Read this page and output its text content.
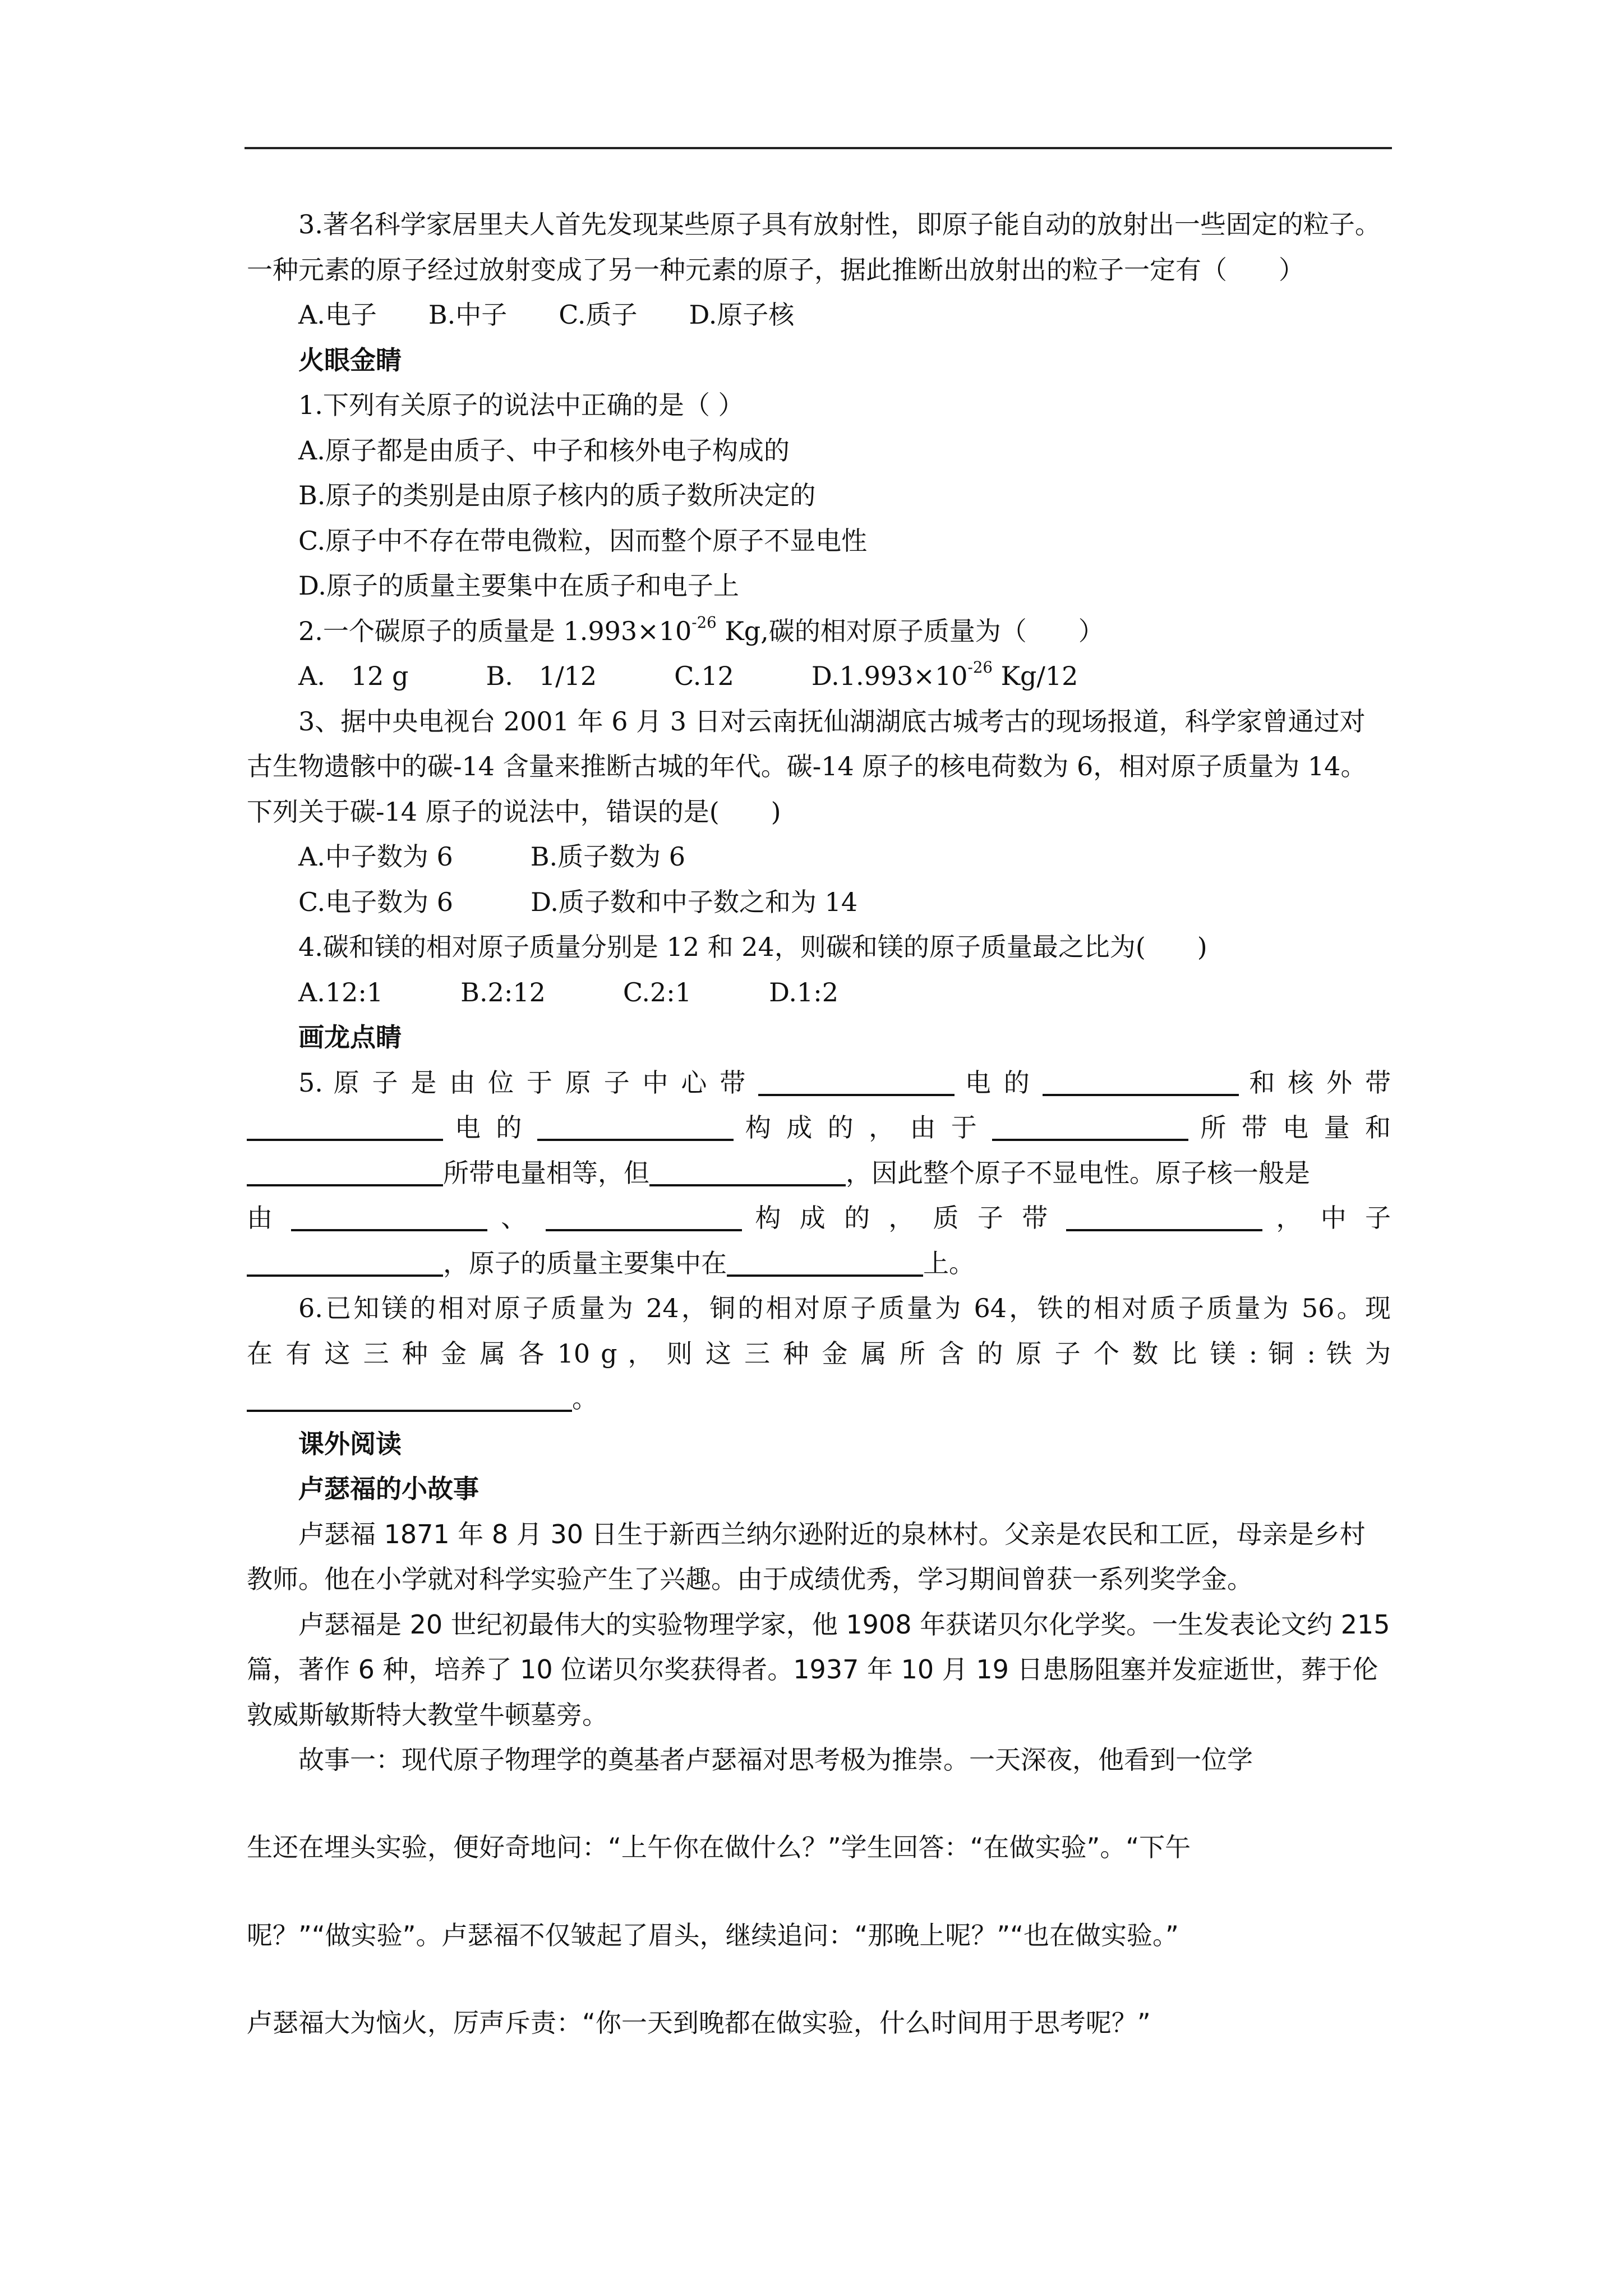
3.著名科学家居里夫人首先发现某些原子具有放射性，即原子能自动的放射出一些固定的粒子。一种元素的原子经过放射变成了另一种元素的原子，据此推断出放射出的粒子一定有（　　）

A.电子　　B.中子　　C.质子　　D.原子核

火眼金睛

1.下列有关原子的说法中正确的是（ ）

A.原子都是由质子、中子和核外电子构成的

B.原子的类别是由原子核内的质子数所决定的

C.原子中不存在带电微粒，因而整个原子不显电性

D.原子的质量主要集中在质子和电子上

2.一个碳原子的质量是 $1.993\times 10^{-26}$ Kg,碳的相对原子质量为（　　）

A.　12 g　　　B.　1/12　　　C.12　　　$D.1.993\times 10^{-26}$ Kg/12

3、据中央电视台 2001 年 6 月 3 日对云南抚仙湖湖底古城考古的现场报道，科学家曾通过对古生物遗骸中的碳-14 含量来推断古城的年代。碳-14 原子的核电荷数为 6，相对原子质量为 14。下列关于碳-14 原子的说法中，错误的是(　　)

A.中子数为 6　　　B.质子数为 6

C.电子数为 6　　　D.质子数和中子数之和为 14

4.碳和镁的相对原子质量分别是 12 和 24，则碳和镁的原子质量最之比为(　　)

A.12:1　　　B.2:12　　　C.2:1　　　D.1:2

画龙点睛

5. 原 子 是 由 位 于 原 子 中 心 带	电 的	和 核 外 带

电 的	构 成 的 ， 由 于	所 带 电 量 和

所带电量相等，但	，因此整个原子不显电性。原子核一般是

由	、	构 成 的 ， 质 子 带	， 中 子

，原子的质量主要集中在	上。

6.已知镁的相对原子质量为 24，铜的相对原子质量为 64，铁的相对质子质量为 56。现

在 有 这 三 种 金 属 各 10 g ， 则 这 三 种 金 属 所 含 的 原 子 个 数 比 镁 : 铜 : 铁 为

。

课外阅读

卢瑟福的小故事

卢瑟福 1871 年 8 月 30 日生于新西兰纳尔逊附近的泉林村。父亲是农民和工匠，母亲是乡村教师。他在小学就对科学实验产生了兴趣。由于成绩优秀，学习期间曾获一系列奖学金。

卢瑟福是 20 世纪初最伟大的实验物理学家，他 1908 年获诺贝尔化学奖。一生发表论文约 215 篇，著作 6 种，培养了 10 位诺贝尔奖获得者。1937 年 10 月 19 日患肠阻塞并发症逝世，葬于伦敦威斯敏斯特大教堂牛顿墓旁。

故事一：现代原子物理学的奠基者卢瑟福对思考极为推崇。一天深夜，他看到一位学

生还在埋头实验，便好奇地问：“上午你在做什么？”学生回答：“在做实验”。“下午

呢？”“做实验”。卢瑟福不仅皱起了眉头，继续追问：“那晚上呢？”“也在做实验。”

卢瑟福大为恼火，厉声斥责：“你一天到晚都在做实验，什么时间用于思考呢？”
